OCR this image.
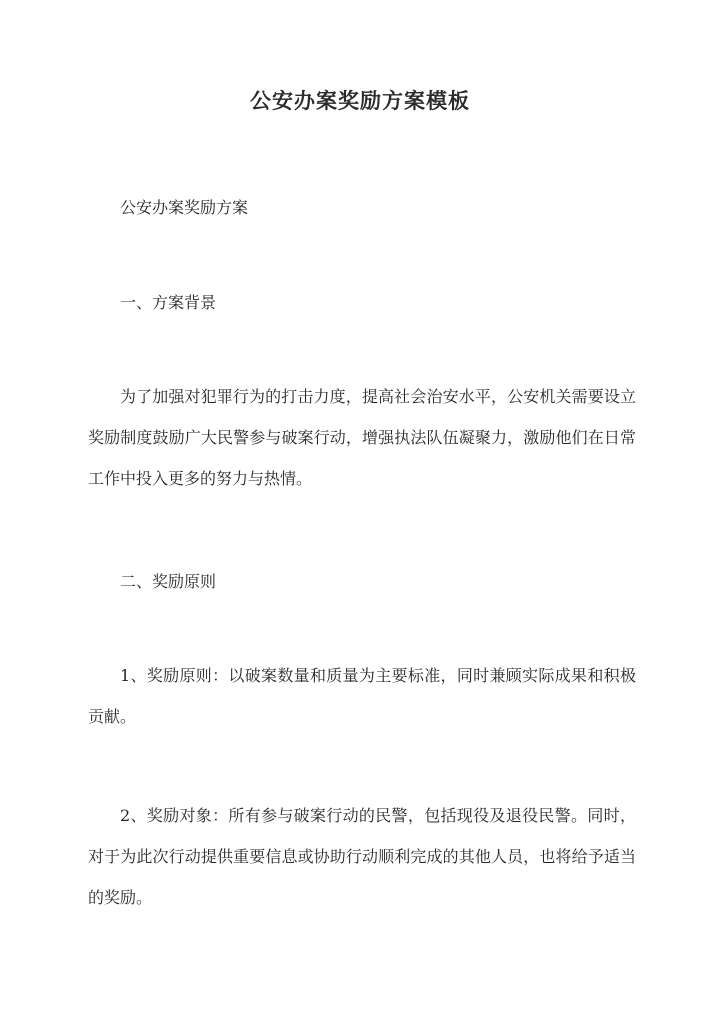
公安办案奖励方案模板

公安办案奖励方案

一、方案背景

为了加强对犯罪行为的打击力度，提高社会治安水平，公安机关需要设立奖励制度鼓励广大民警参与破案行动，增强执法队伍凝聚力，激励他们在日常工作中投入更多的努力与热情。

二、奖励原则

1、奖励原则：以破案数量和质量为主要标准，同时兼顾实际成果和积极贡献。

2、奖励对象：所有参与破案行动的民警，包括现役及退役民警。同时，对于为此次行动提供重要信息或协助行动顺利完成的其他人员，也将给予适当的奖励。
